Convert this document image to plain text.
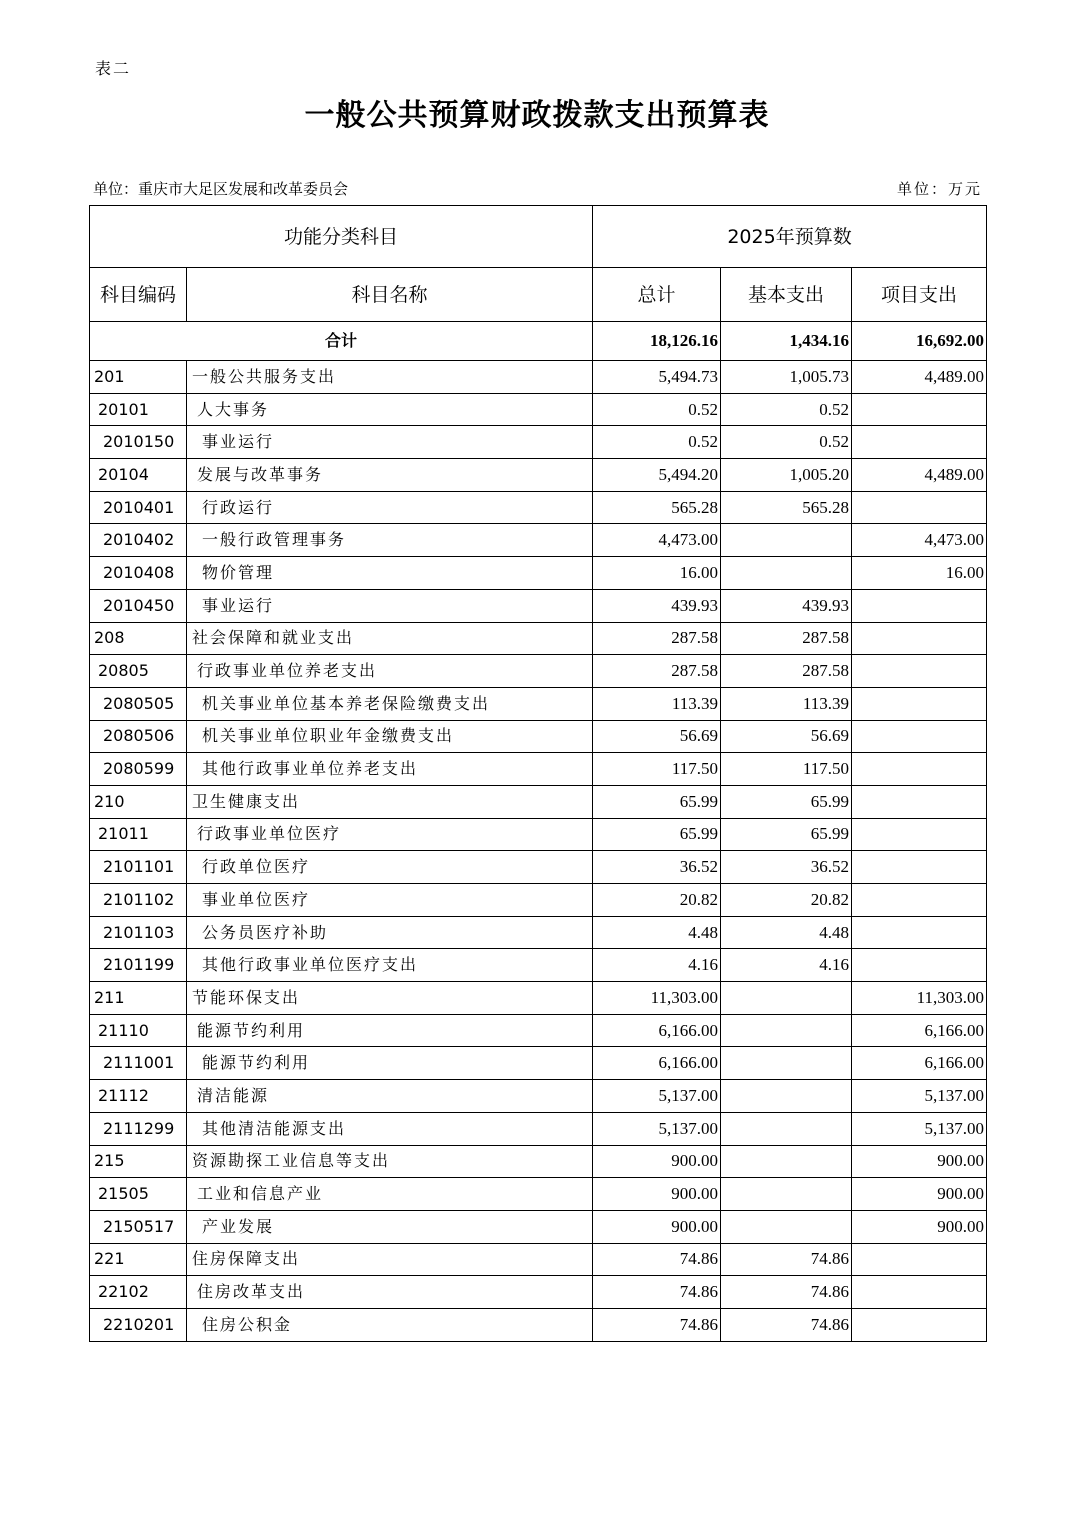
表二
一般公共预算财政拨款支出预算表
单位：重庆市大足区发展和改革委员会	单位：万元
功能分类科目		2025年预算数		
科目编码	科目名称	总计	基本支出	项目支出
合计		18,126.16	1,434.16	16,692.00
201	一般公共服务支出	5,494.73	1,005.73	4,489.00
20101	人大事务	0.52	0.52	
2010150	事业运行	0.52	0.52	
20104	发展与改革事务	5,494.20	1,005.20	4,489.00
2010401	行政运行	565.28	565.28	
2010402	一般行政管理事务	4,473.00		4,473.00
2010408	物价管理	16.00		16.00
2010450	事业运行	439.93	439.93	
208	社会保障和就业支出	287.58	287.58	
20805	行政事业单位养老支出	287.58	287.58	
2080505	机关事业单位基本养老保险缴费支出	113.39	113.39	
2080506	机关事业单位职业年金缴费支出	56.69	56.69	
2080599	其他行政事业单位养老支出	117.50	117.50	
210	卫生健康支出	65.99	65.99	
21011	行政事业单位医疗	65.99	65.99	
2101101	行政单位医疗	36.52	36.52	
2101102	事业单位医疗	20.82	20.82	
2101103	公务员医疗补助	4.48	4.48	
2101199	其他行政事业单位医疗支出	4.16	4.16	
211	节能环保支出	11,303.00		11,303.00
21110	能源节约利用	6,166.00		6,166.00
2111001	能源节约利用	6,166.00		6,166.00
21112	清洁能源	5,137.00		5,137.00
2111299	其他清洁能源支出	5,137.00		5,137.00
215	资源勘探工业信息等支出	900.00		900.00
21505	工业和信息产业	900.00		900.00
2150517	产业发展	900.00		900.00
221	住房保障支出	74.86	74.86	
22102	住房改革支出	74.86	74.86	
2210201	住房公积金	74.86	74.86	
